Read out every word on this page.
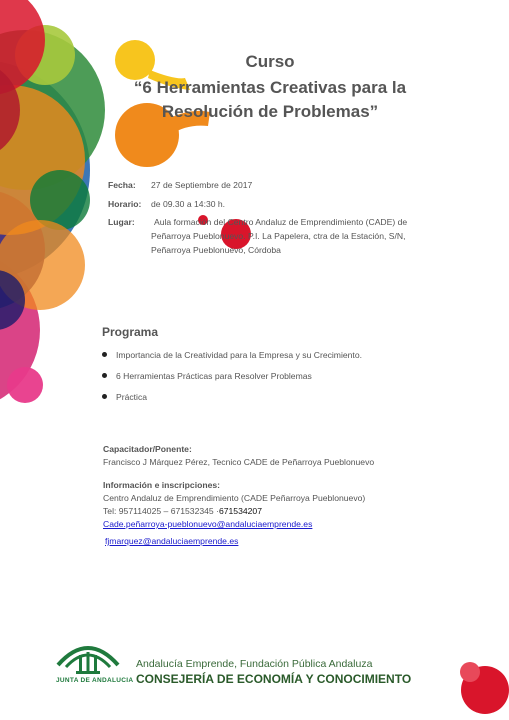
Curso
“6 Herramientas Creativas para la
Resolución de Problemas”
Fecha: 27 de Septiembre de 2017
Horario: de 09.30 a 14:30 h.
Lugar: Aula formación del Centro Andaluz de Emprendimiento (CADE) de
Peñarroya Pueblonuevo. P.I. La Papelera, ctra de la Estación, S/N,
Peñarroya Pueblonuevo, Córdoba
Programa
Importancia de la Creatividad para la Empresa y su Crecimiento.
6 Herramientas Prácticas para Resolver Problemas
Práctica
Capacitador/Ponente:
Francisco J Márquez Pérez, Tecnico CADE de Peñarroya Pueblonuevo
Información e inscripciones:
Centro Andaluz de Emprendimiento (CADE Peñarroya Pueblonuevo)
Tel: 957114025 – 671532345 ·671534207
Cade.peñarroya-pueblonuevo@andaluciaemprende.es
fjmarquez@andaluciaemprende.es
JUNTA DE ANDALUCIA
Andalucía Emprende, Fundación Pública Andaluza
CONSEJERÍA DE ECONOMÍA Y CONOCIMIENTO
